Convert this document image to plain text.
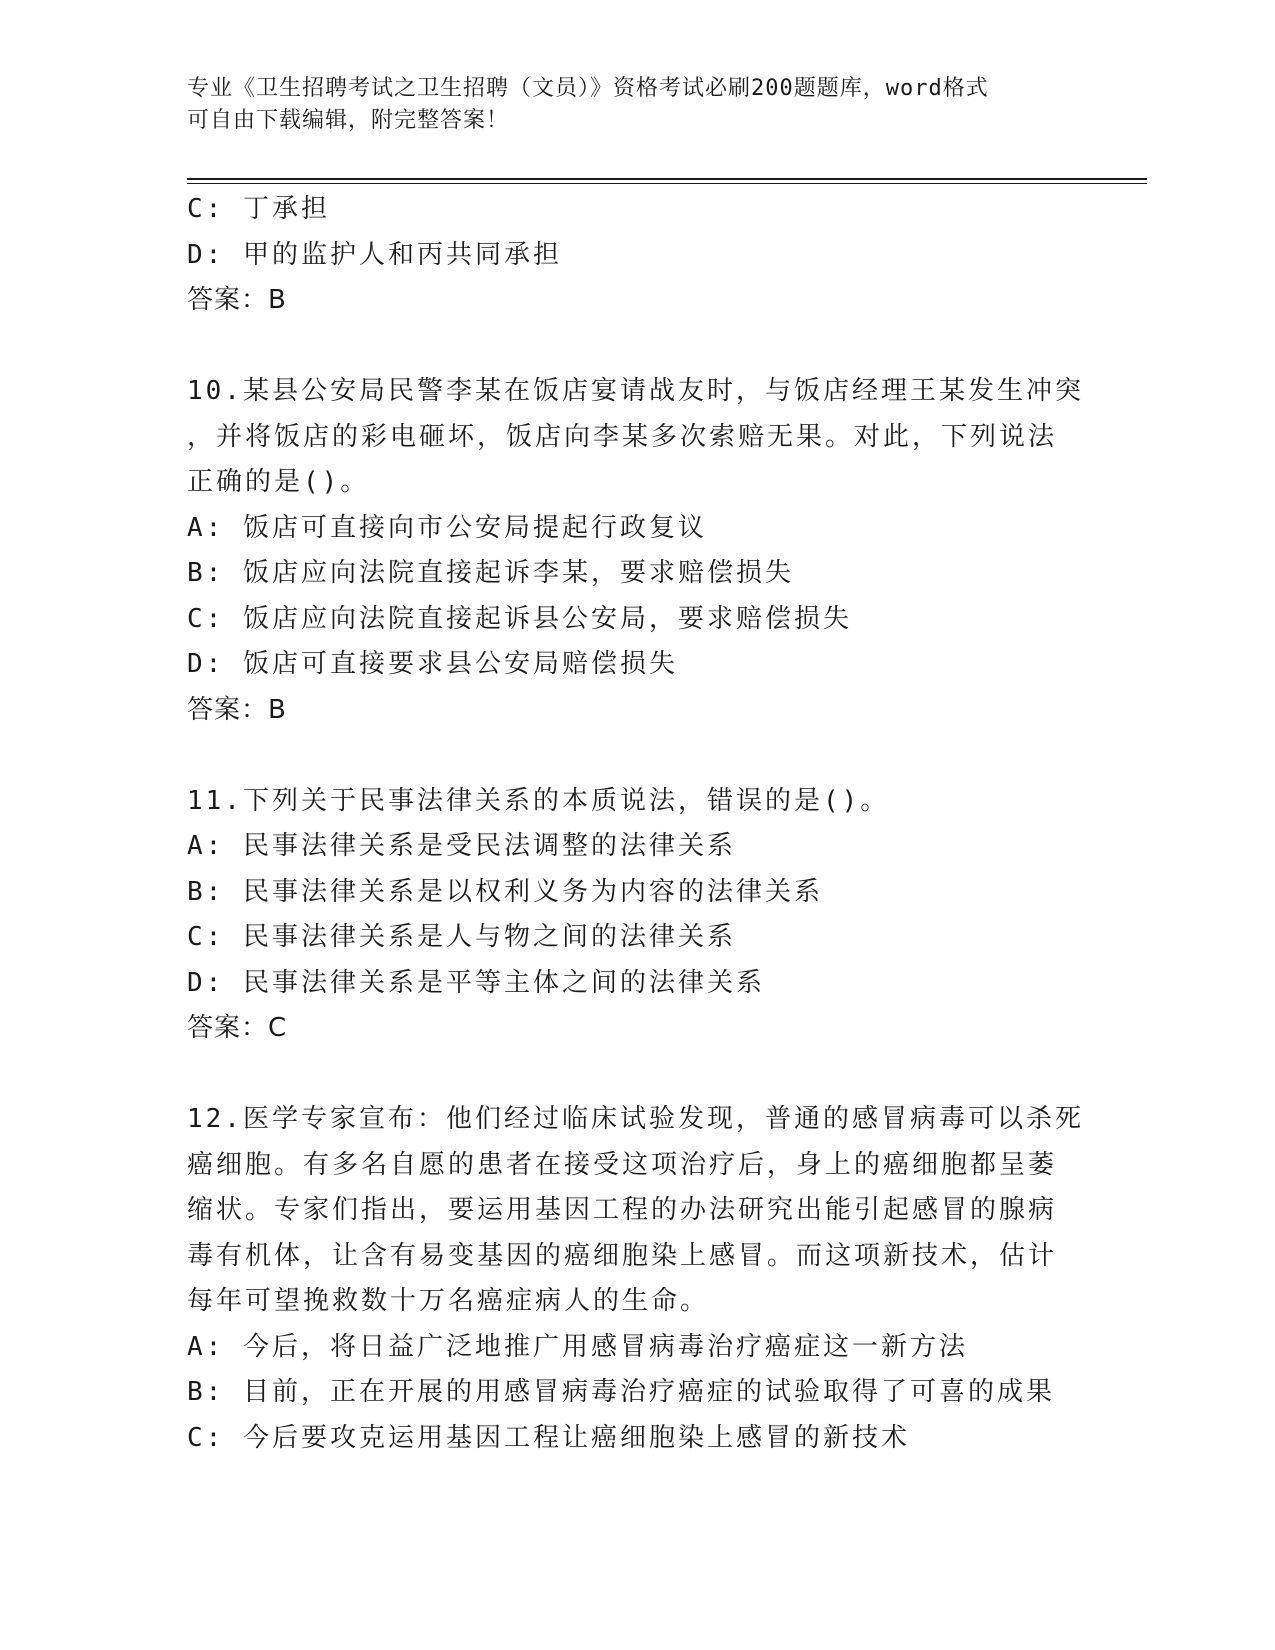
专业《卫生招聘考试之卫生招聘（文员）》资格考试必刷200题题库，word格式
可自由下载编辑，附完整答案！
C: 丁承担
D: 甲的监护人和丙共同承担
答案：B
10.某县公安局民警李某在饭店宴请战友时，与饭店经理王某发生冲突
，并将饭店的彩电砸坏，饭店向李某多次索赔无果。对此，下列说法
正确的是()。
A: 饭店可直接向市公安局提起行政复议
B: 饭店应向法院直接起诉李某，要求赔偿损失
C: 饭店应向法院直接起诉县公安局，要求赔偿损失
D: 饭店可直接要求县公安局赔偿损失
答案：B
11.下列关于民事法律关系的本质说法，错误的是()。
A: 民事法律关系是受民法调整的法律关系
B: 民事法律关系是以权利义务为内容的法律关系
C: 民事法律关系是人与物之间的法律关系
D: 民事法律关系是平等主体之间的法律关系
答案：C
12.医学专家宣布：他们经过临床试验发现，普通的感冒病毒可以杀死
癌细胞。有多名自愿的患者在接受这项治疗后，身上的癌细胞都呈萎
缩状。专家们指出，要运用基因工程的办法研究出能引起感冒的腺病
毒有机体，让含有易变基因的癌细胞染上感冒。而这项新技术，估计
每年可望挽救数十万名癌症病人的生命。
A: 今后，将日益广泛地推广用感冒病毒治疗癌症这一新方法
B: 目前，正在开展的用感冒病毒治疗癌症的试验取得了可喜的成果
C: 今后要攻克运用基因工程让癌细胞染上感冒的新技术
